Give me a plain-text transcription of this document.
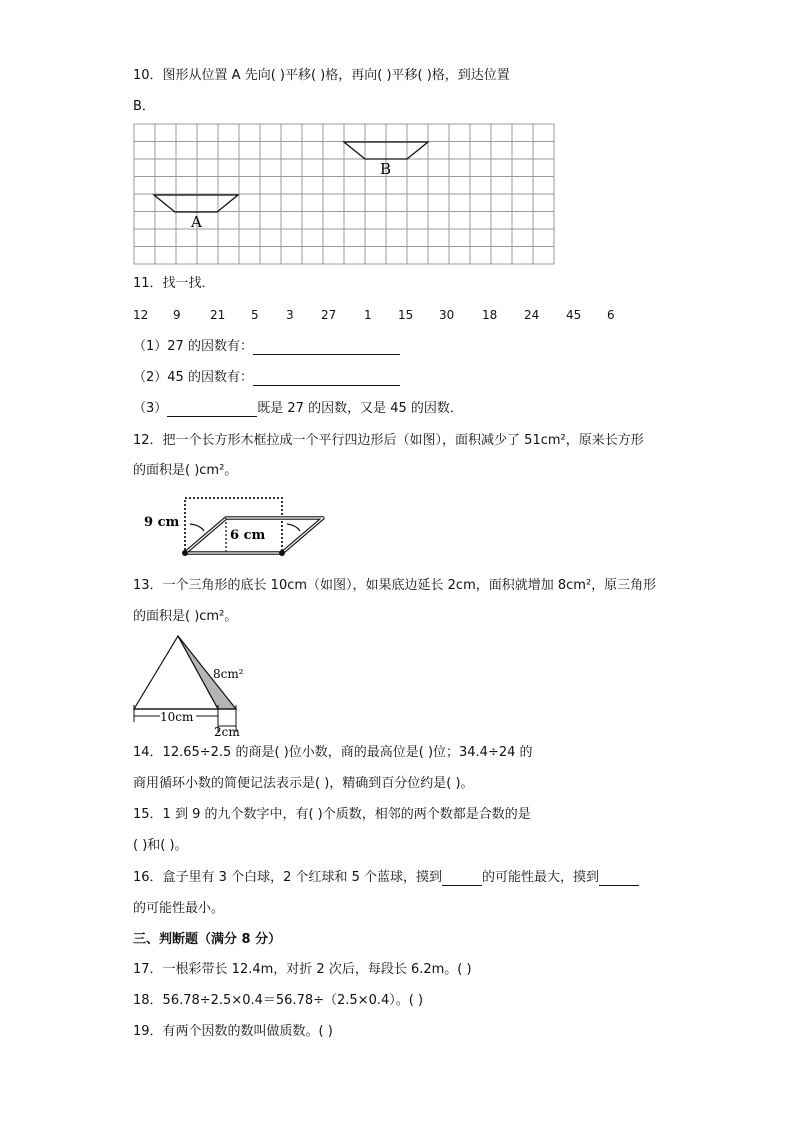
10．图形从位置 A 先向( )平移( )格，再向( )平移( )格，到达位置
B．
A
B
11．找一找．
12 9 21 5 3 27 1 15 30 18 24 45 6
（1）27 的因数有：
（2）45 的因数有：
（3）	既是 27 的因数，又是 45 的因数．
12．把一个长方形木框拉成一个平行四边形后（如图），面积减少了 51cm²，原来长方形
的面积是( )cm²。
9 cm
6 cm
13．一个三角形的底长 10cm（如图），如果底边延长 2cm，面积就增加 8cm²，原三角形
的面积是( )cm²。
10cm
2cm
8cm²
14．12.65÷2.5 的商是( )位小数，商的最高位是( )位；34.4÷24 的
商用循环小数的简便记法表示是( )，精确到百分位约是( )。
15．1 到 9 的九个数字中，有( )个质数，相邻的两个数都是合数的是
( )和( )。
16．盒子里有 3 个白球，2 个红球和 5 个蓝球，摸到	的可能性最大，摸到
的可能性最小。
三、判断题（满分 8 分）
17．一根彩带长 12.4m，对折 2 次后，每段长 6.2m。( )
18．56.78÷2.5×0.4＝56.78÷（2.5×0.4）。( )
19．有两个因数的数叫做质数。( )
